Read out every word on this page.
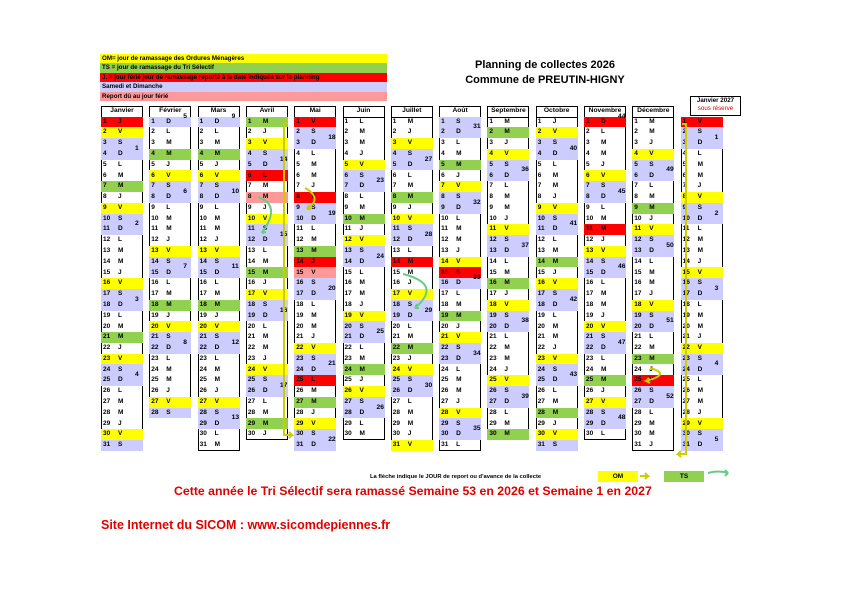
OM= jour de ramassage des Ordures Ménagères
TS = jour de ramassage du Tri Sélectif
J. = jour férié jour de ramassage reporté à la date indiquée sur le planning
Samedi et Dimanche
Report dû au jour férié
Planning de collectes 2026
Commune de PREUTIN-HIGNY
Janvier
1 J
2 V
3 S
4 D
1
5 L
6 M
7 M
8 J
9 V
10 S
11 D
2
12 L
13 M
14 M
15 J
16 V
17 S
18 D
3
19 L
20 M
21 M
22 J
23 V
24 S
25 D
4
26 L
27 M
28 M
29 J
30 V
31 S
Février
1 D
5
2 L
3 M
4 M
5 J
6 V
7 S
8 D
6
9 L
10 M
11 M
12 J
13 V
14 S
15 D
7
16 L
17 M
18 M
19 J
20 V
21 S
22 D
8
23 L
24 M
25 M
26 J
27 V
28 S
Mars
1 D
9
2 L
3 M
4 M
5 J
6 V
7 S
8 D
10
9 L
10 M
11 M
12 J
13 V
14 S
15 D
11
16 L
17 M
18 M
19 J
20 V
21 S
22 D
12
23 L
24 M
25 M
26 J
27 V
28 S
29 D
13
30 L
31 M
Avril
1 M
2 J
3 V
4 S
5 D
14
6 L
7 M
8 M
9 J
10 V
11 S
12 D
15
13 L
14 M
15 M
16 J
17 V
18 S
19 D
16
20 L
21 M
22 M
23 J
24 V
25 S
26 D
17
27 L
28 M
29 M
30 J
Mai
1 V
2 S
3 D
18
4 L
5 M
6 M
7 J
8 V
9 S
10 D
19
11 L
12 M
13 M
14 J
15 V
16 S
17 D
20
18 L
19 M
20 M
21 J
22 V
23 S
24 D
21
25 L
26 M
27 M
28 J
29 V
30 S
31 D
22
Juin
1 L
2 M
3 M
4 J
5 V
6 S
7 D
23
8 L
9 M
10 M
11 J
12 V
13 S
14 D
24
15 L
16 M
17 M
18 J
19 V
20 S
21 D
25
22 L
23 M
24 M
25 J
26 V
27 S
28 D
26
29 L
30 M
Juillet
1 M
2 J
3 V
4 S
5 D
27
6 L
7 M
8 M
9 J
10 V
11 S
12 D
28
13 L
14 M
15 M
16 J
17 V
18 S
19 D
29
20 L
21 M
22 M
23 J
24 V
25 S
26 D
30
27 L
28 M
29 M
30 J
31 V
Août
1 S
2 D
31
3 L
4 M
5 M
6 J
7 V
8 S
9 D
32
10 L
11 M
12 M
13 J
14 V
15 S
16 D
33
17 L
18 M
19 M
20 J
21 V
22 S
23 D
34
24 L
25 M
26 M
27 J
28 V
29 S
30 D
35
31 L
Septembre
1 M
2 M
3 J
4 V
5 S
6 D
36
7 L
8 M
9 M
10 J
11 V
12 S
13 D
37
14 L
15 M
16 M
17 J
18 V
19 S
20 D
38
21 L
22 M
23 M
24 J
25 V
26 S
27 D
39
28 L
29 M
30 M
Octobre
1 J
2 V
3 S
4 D
40
5 L
6 M
7 M
8 J
9 V
10 S
11 D
41
12 L
13 M
14 M
15 J
16 V
17 S
18 D
42
19 L
20 M
21 M
22 J
23 V
24 S
25 D
43
26 L
27 M
28 M
29 J
30 V
31 S
Novembre
1 D
44
2 L
3 M
4 M
5 J
6 V
7 S
8 D
45
9 L
10 M
11 M
12 J
13 V
14 S
15 D
46
16 L
17 M
18 M
19 J
20 V
21 S
22 D
47
23 L
24 M
25 M
26 J
27 V
28 S
29 D
48
30 L
Décembre
1 M
2 M
3 J
4 V
5 S
6 D
49
7 L
8 M
9 M
10 J
11 V
12 S
13 D
50
14 L
15 M
16 M
17 J
18 V
19 S
20 D
51
21 L
22 M
23 M
24 J
25 V
26 S
27 D
52
28 L
29 M
30 M
31 J
1 V
2 S
3 D
1
4 L
5 M
6 M
7 J
8 V
9 S
10 D
2
11 L
12 M
13 M
14 J
15 V
16 S
17 D
3
18 L
19 M
20 M
21 J
22 V
23 S
24 D
4
25 L
26 M
27 M
28 J
29 V
30 S
31 D
5
Janvier 2027
sous réserve
La flèche indique le JOUR de report ou d'avance de la collecte	OM	TS
Cette année le Tri Sélectif sera ramassé Semaine 53 en 2026 et Semaine 1 en 2027
Site Internet du SICOM : www.sicomdepiennes.fr
